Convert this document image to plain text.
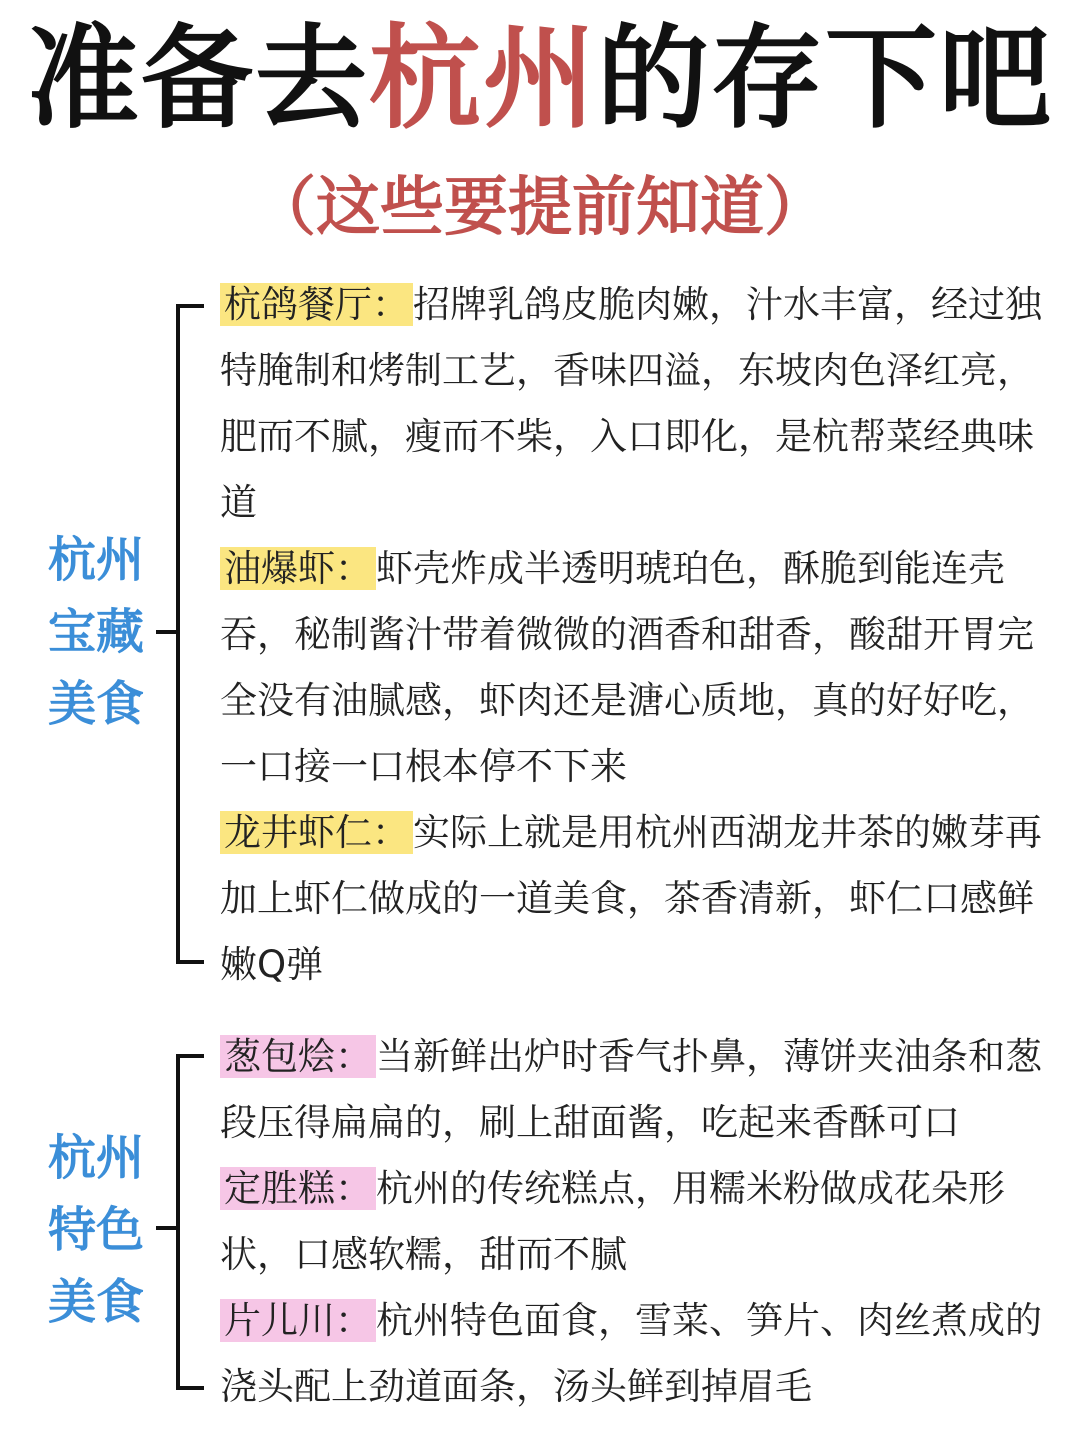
准备去杭州的存下吧
（这些要提前知道）
杭州
宝藏
美食

杭鸽餐厅： 招牌乳鸽皮脆肉嫩，汁水丰富，经过独特腌制和烤制工艺，香味四溢，东坡肉色泽红亮，肥而不腻，瘦而不柴，入口即化，是杭帮菜经典味道

油爆虾： 虾壳炸成半透明琥珀色，酥脆到能连壳吞，秘制酱汁带着微微的酒香和甜香，酸甜开胃完全没有油腻感，虾肉还是溏心质地，真的好好吃，一口接一口根本停不下来

龙井虾仁： 实际上就是用杭州西湖龙井茶的嫩芽再加上虾仁做成的一道美食，茶香清新，虾仁口感鲜嫩Q弹

杭州
特色
美食

葱包烩： 当新鲜出炉时香气扑鼻，薄饼夹油条和葱段压得扁扁的，刷上甜面酱，吃起来香酥可口

定胜糕： 杭州的传统糕点，用糯米粉做成花朵形状，口感软糯，甜而不腻

片儿川： 杭州特色面食，雪菜、笋片、肉丝煮成的浇头配上劲道面条，汤头鲜到掉眉毛
